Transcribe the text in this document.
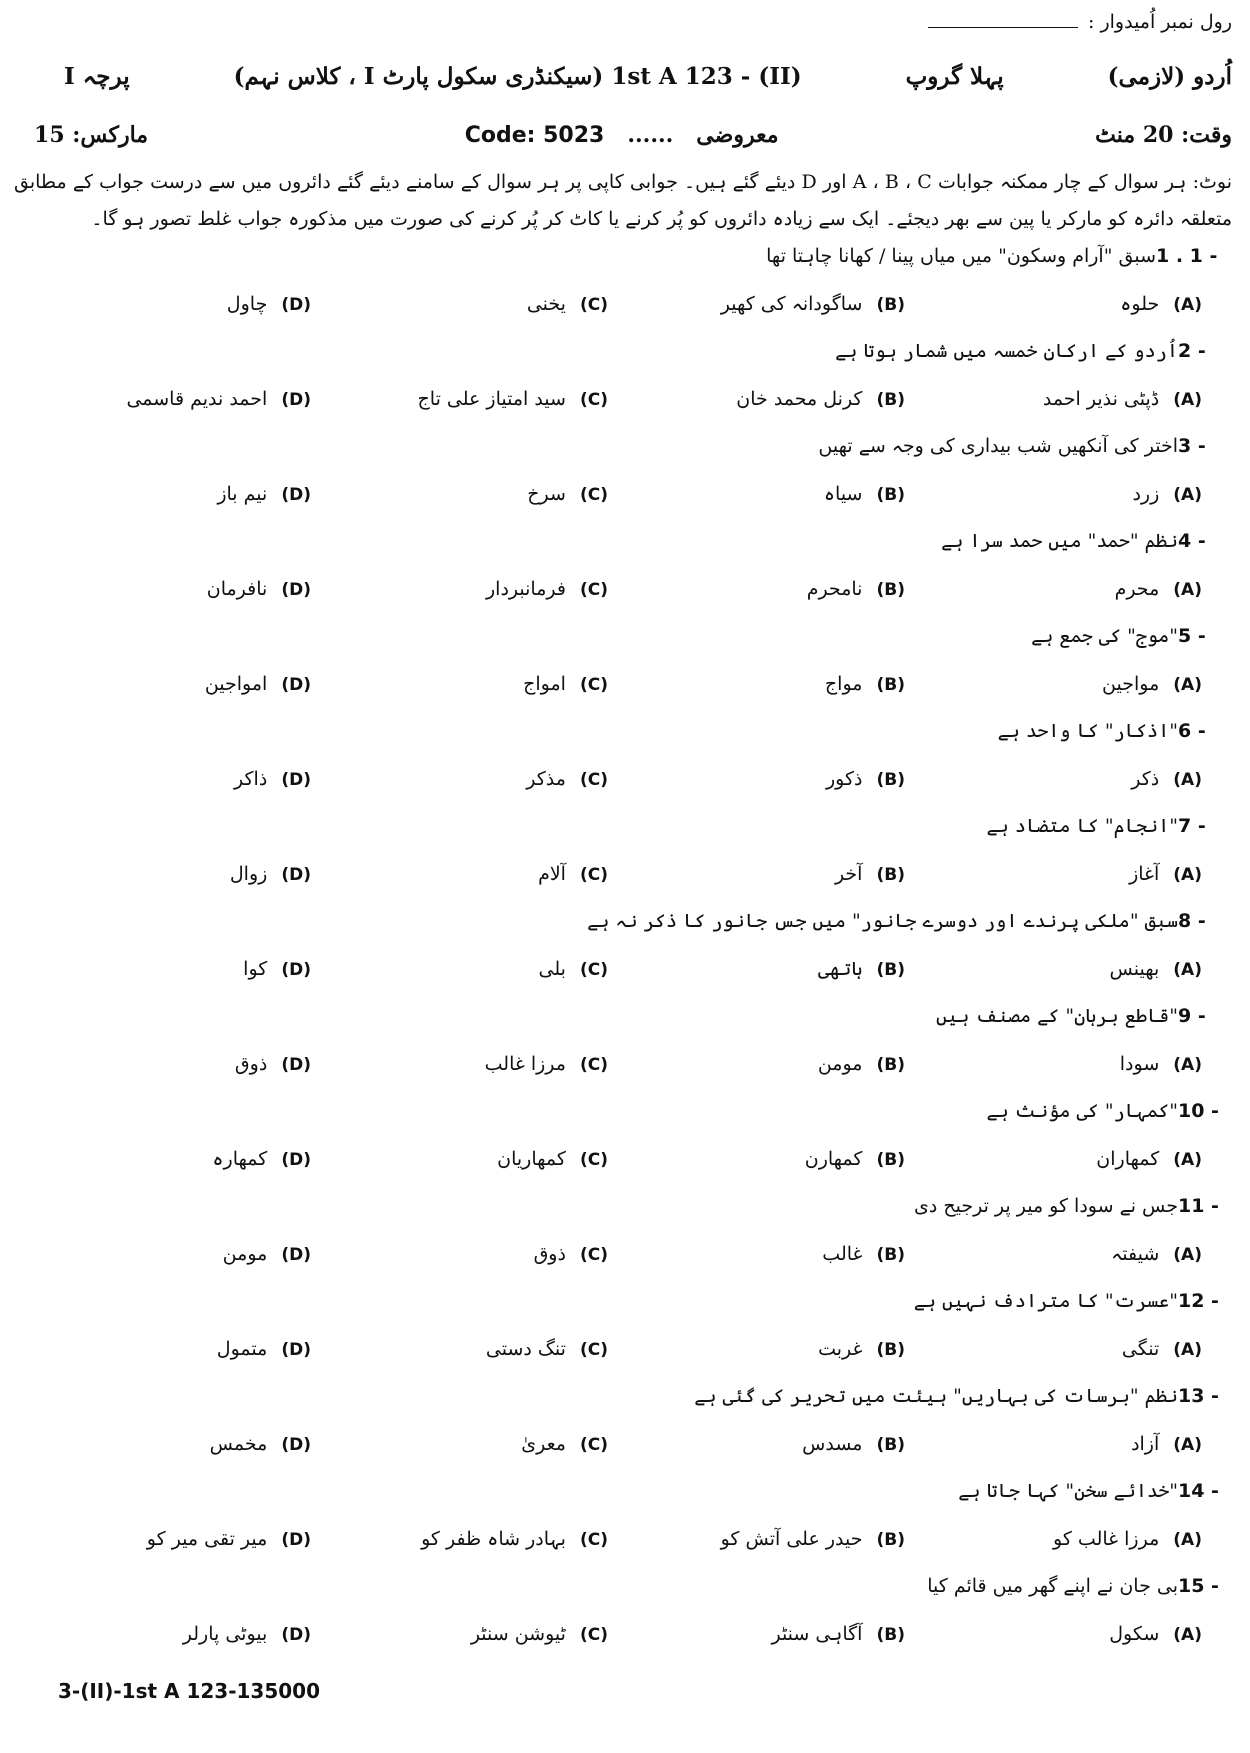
رول نمبر اُمیدوار :
اُردو (لازمی)
پہلا گروپ
(II) - 1st A 123 (سیکنڈری سکول پارٹ I ، کلاس نہم)
پرچہ I
وقت: 20 منٹ
معروضی   ......   Code: 5023
مارکس: 15
نوٹ: ہر سوال کے چار ممکنہ جوابات A ، B ، C اور D دیئے گئے ہیں۔ جوابی کاپی پر ہر سوال کے سامنے دیئے گئے دائروں میں سے درست جواب کے مطابق متعلقہ دائرہ کو مارکر یا پین سے بھر دیجئے۔ ایک سے زیادہ دائروں کو پُر کرنے یا کاٹ کر پُر کرنے کی صورت میں مذکورہ جواب غلط تصور ہو گا۔
1 . 1 -
سبق "آرام وسکون" میں میاں پینا / کھانا چاہتا تھا
(A)حلوہ
(B)ساگودانہ کی کھیر
(C)یخنی
(D)چاول
2 -
اُردو کے ارکانِ خمسہ میں شمار ہوتا ہے
(A)ڈپٹی نذیر احمد
(B)کرنل محمد خان
(C)سید امتیاز علی تاج
(D)احمد ندیم قاسمی
3 -
اختر کی آنکھیں شب بیداری کی وجہ سے تھیں
(A)زرد
(B)سیاہ
(C)سرخ
(D)نیم باز
4 -
نظم "حمد" میں حمد سرا ہے
(A)محرم
(B)نامحرم
(C)فرمانبردار
(D)نافرمان
5 -
"موج" کی جمع ہے
(A)مواجین
(B)مواج
(C)امواج
(D)امواجین
6 -
"اذکار" کا واحد ہے
(A)ذکر
(B)ذکور
(C)مذکر
(D)ذاکر
7 -
"انجام" کا متضاد ہے
(A)آغاز
(B)آخر
(C)آلام
(D)زوال
8 -
سبق "ملکی پرندے اور دوسرے جانور" میں جس جانور کا ذکر نہ ہے
(A)بھینس
(B)ہاتھی
(C)بلی
(D)کوا
9 -
"قاطع برہان" کے مصنف ہیں
(A)سودا
(B)مومن
(C)مرزا غالب
(D)ذوق
10 -
"کمہار" کی مؤنث ہے
(A)کمھاران
(B)کمھارن
(C)کمھاریان
(D)کمھارہ
11 -
جس نے سودا کو میر پر ترجیح دی
(A)شیفتہ
(B)غالب
(C)ذوق
(D)مومن
12 -
"عسرت" کا مترادف نہیں ہے
(A)تنگی
(B)غربت
(C)تنگ دستی
(D)متمول
13 -
نظم "برسات کی بہاریں" ہیئت میں تحریر کی گئی ہے
(A)آزاد
(B)مسدس
(C)معریٰ
(D)مخمس
14 -
"خدائے سخن" کہا جاتا ہے
(A)مرزا غالب کو
(B)حیدر علی آتش کو
(C)بہادر شاہ ظفر کو
(D)میر تقی میر کو
15 -
بی جان نے اپنے گھر میں قائم کیا
(A)سکول
(B)آگاہی سنٹر
(C)ٹیوشن سنٹر
(D)بیوٹی پارلر
3-(II)-1st A 123-135000
